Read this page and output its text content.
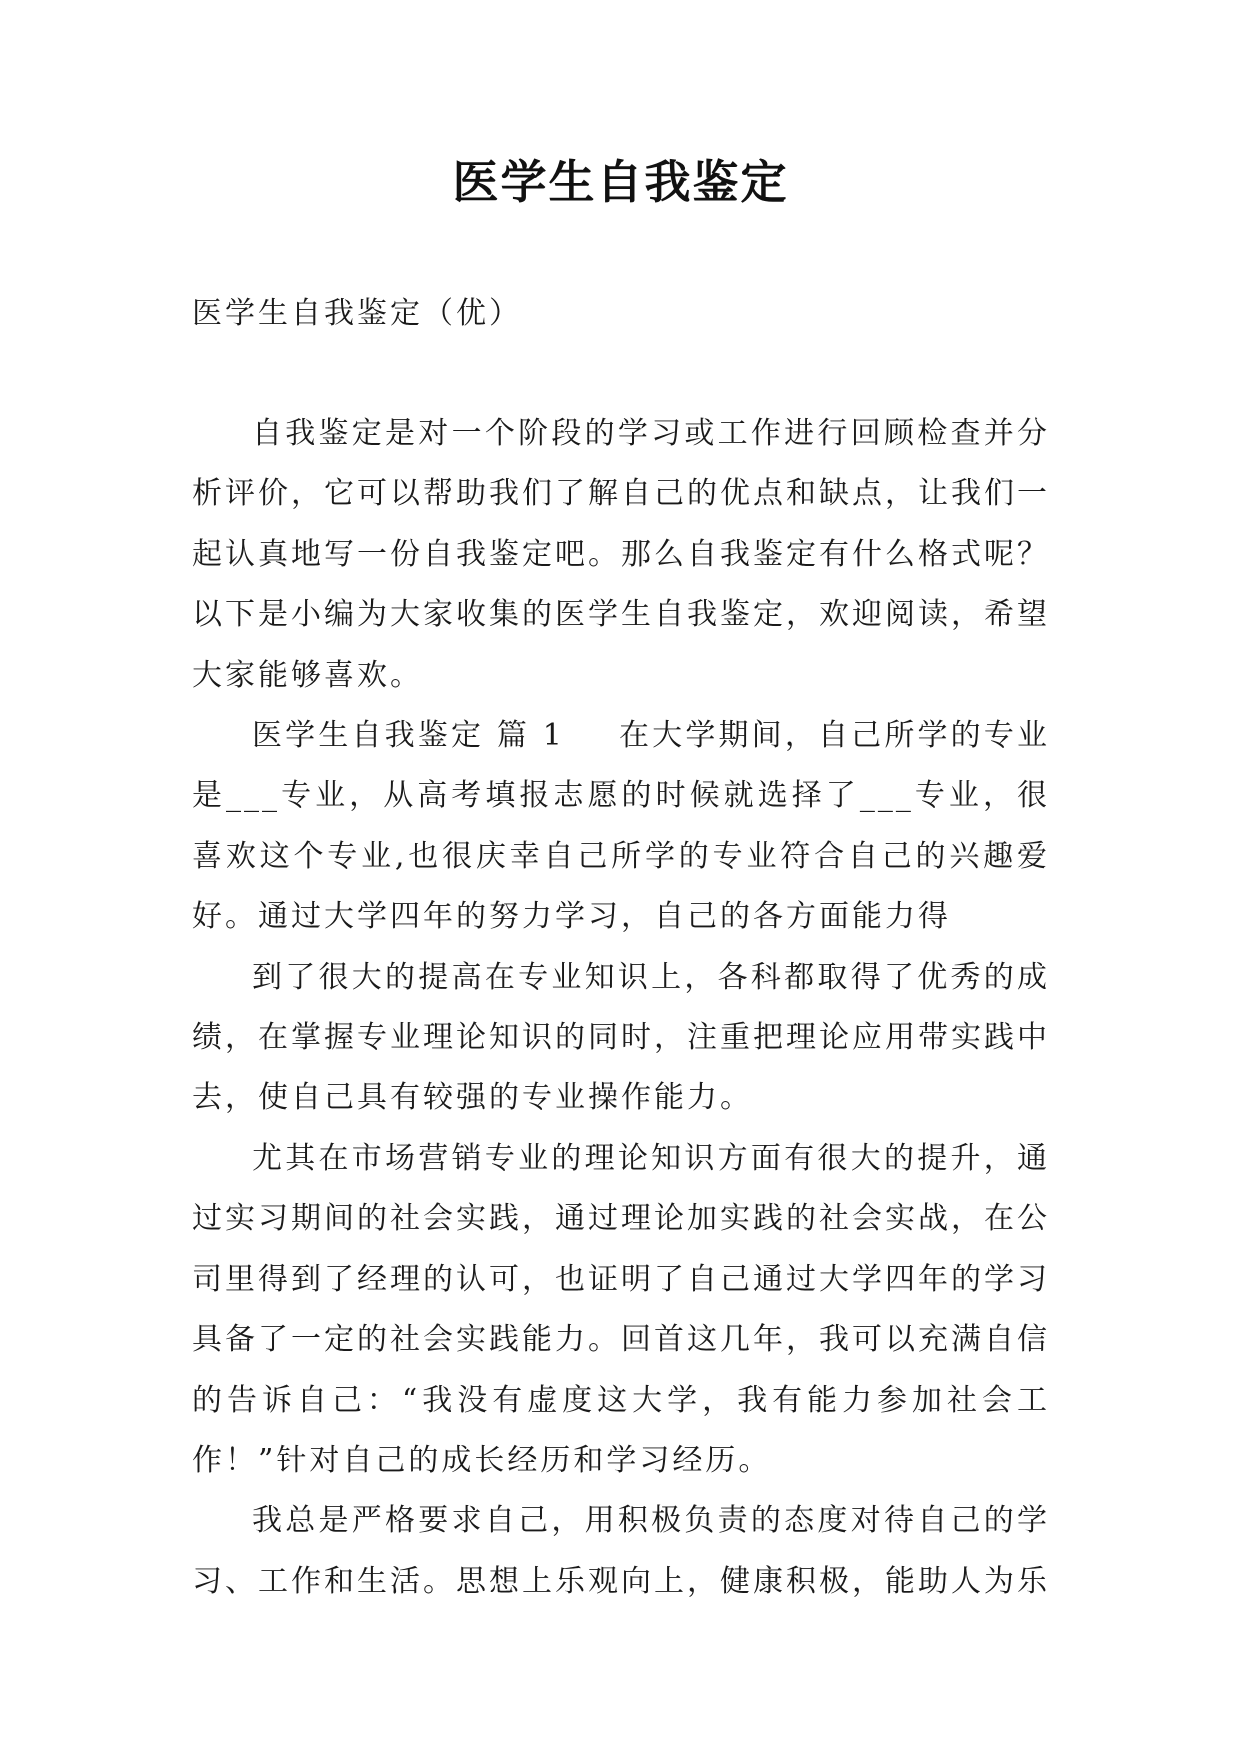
医学生自我鉴定
医学生自我鉴定（优）

自我鉴定是对一个阶段的学习或工作进行回顾检查并分析评价，它可以帮助我们了解自己的优点和缺点，让我们一起认真地写一份自我鉴定吧。那么自我鉴定有什么格式呢？以下是小编为大家收集的医学生自我鉴定，欢迎阅读，希望大家能够喜欢。

医学生自我鉴定 篇 1 在大学期间，自己所学的专业是___专业，从高考填报志愿的时候就选择了___专业，很喜欢这个专业,也很庆幸自己所学的专业符合自己的兴趣爱好。通过大学四年的努力学习，自己的各方面能力得

到了很大的提高在专业知识上，各科都取得了优秀的成绩，在掌握专业理论知识的同时，注重把理论应用带实践中去，使自己具有较强的专业操作能力。

尤其在市场营销专业的理论知识方面有很大的提升，通过实习期间的社会实践，通过理论加实践的社会实战，在公司里得到了经理的认可，也证明了自己通过大学四年的学习具备了一定的社会实践能力。回首这几年，我可以充满自信的告诉自己：“我没有虚度这大学，我有能力参加社会工作！”针对自己的成长经历和学习经历。

我总是严格要求自己，用积极负责的态度对待自己的学习、工作和生活。思想上乐观向上，健康积极，能助人为乐
